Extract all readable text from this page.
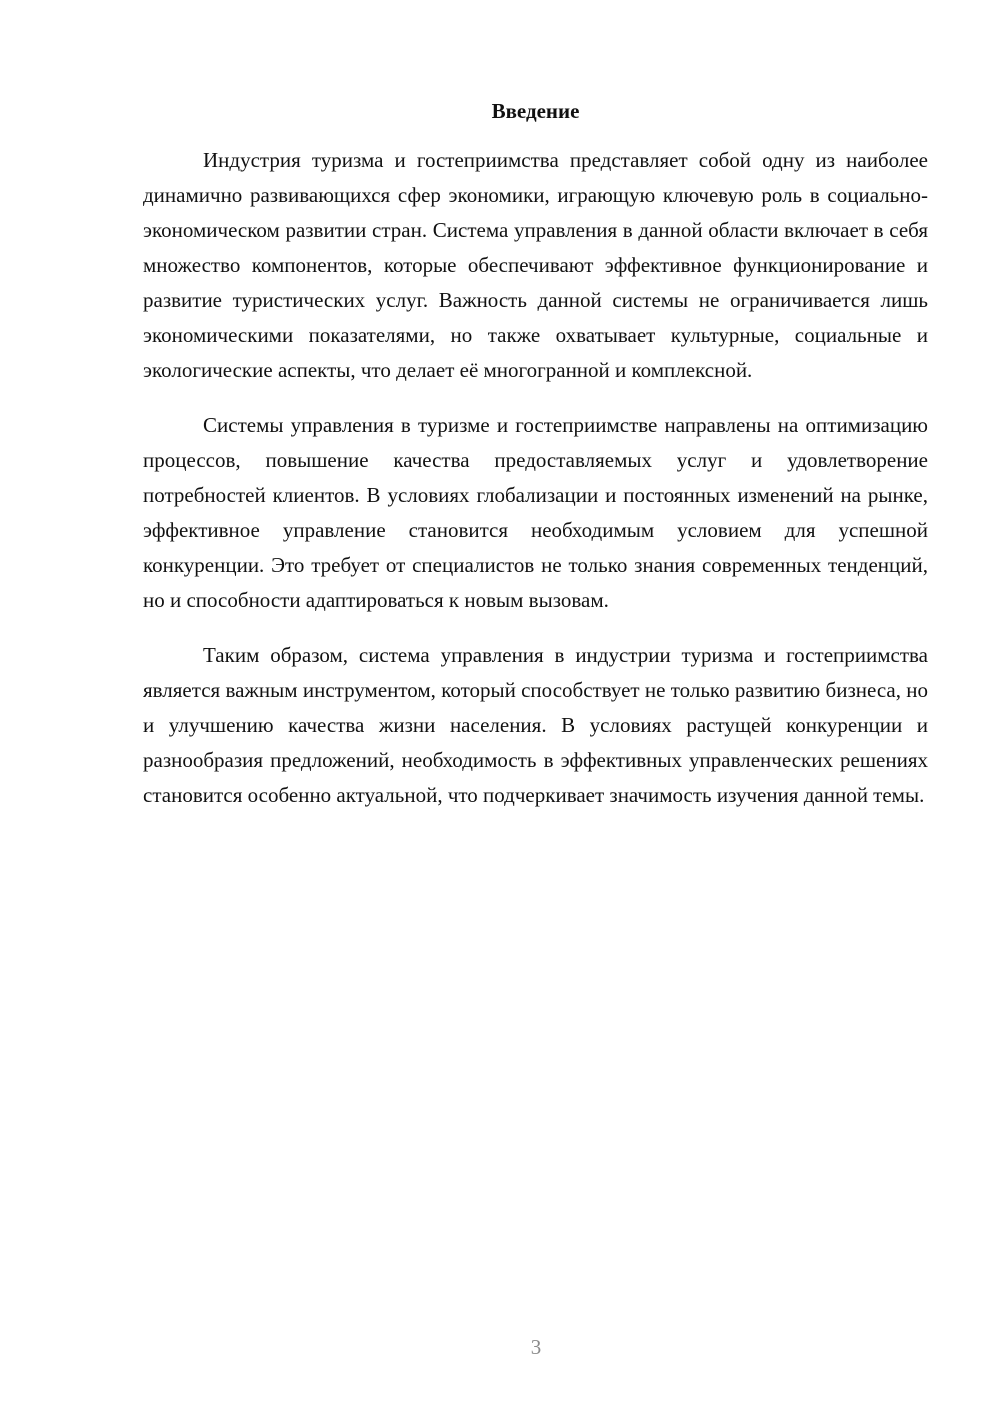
Введение

Индустрия туризма и гостеприимства представляет собой одну из наиболее динамично развивающихся сфер экономики, играющую ключевую роль в социально-экономическом развитии стран. Система управления в данной области включает в себя множество компонентов, которые обеспечивают эффективное функционирование и развитие туристических услуг. Важность данной системы не ограничивается лишь экономическими показателями, но также охватывает культурные, социальные и экологические аспекты, что делает её многогранной и комплексной.

Системы управления в туризме и гостеприимстве направлены на оптимизацию процессов, повышение качества предоставляемых услуг и удовлетворение потребностей клиентов. В условиях глобализации и постоянных изменений на рынке, эффективное управление становится необходимым условием для успешной конкуренции. Это требует от специалистов не только знания современных тенденций, но и способности адаптироваться к новым вызовам.

Таким образом, система управления в индустрии туризма и гостеприимства является важным инструментом, который способствует не только развитию бизнеса, но и улучшению качества жизни населения. В условиях растущей конкуренции и разнообразия предложений, необходимость в эффективных управленческих решениях становится особенно актуальной, что подчеркивает значимость изучения данной темы.

3
